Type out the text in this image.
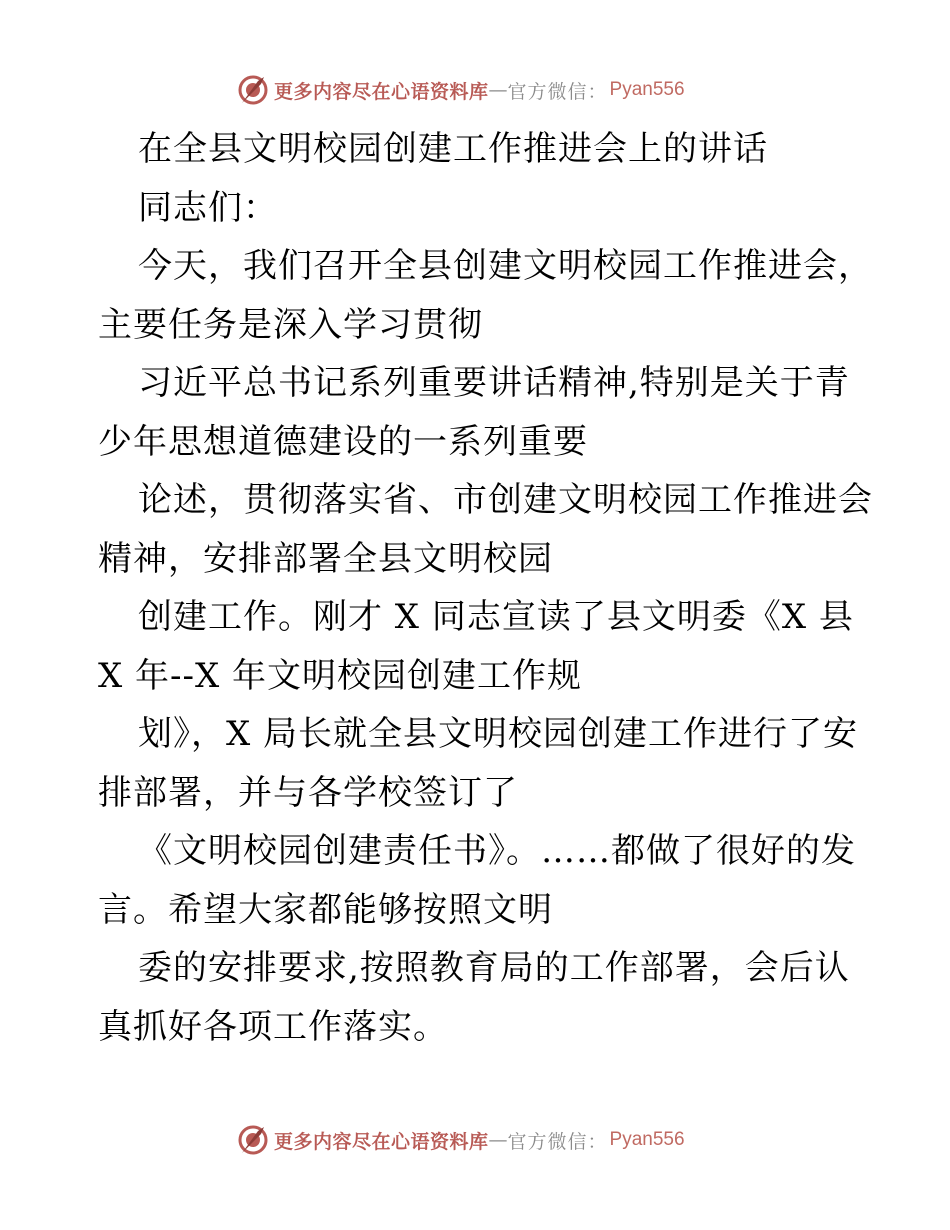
更多内容尽在心语资料库 — 官方微信： Pyan556
在全县文明校园创建工作推进会上的讲话
同志们：
今天，我们召开全县创建文明校园工作推进会，
主要任务是深入学习贯彻
习近平总书记系列重要讲话精神,特别是关于青
少年思想道德建设的一系列重要
论述，贯彻落实省、市创建文明校园工作推进会
精神，安排部署全县文明校园
创建工作。刚才 X 同志宣读了县文明委《X 县
X 年--X 年文明校园创建工作规
划》，X 局长就全县文明校园创建工作进行了安
排部署，并与各学校签订了
《文明校园创建责任书》。……都做了很好的发
言。希望大家都能够按照文明
委的安排要求,按照教育局的工作部署，会后认
真抓好各项工作落实。
更多内容尽在心语资料库 — 官方微信： Pyan556
